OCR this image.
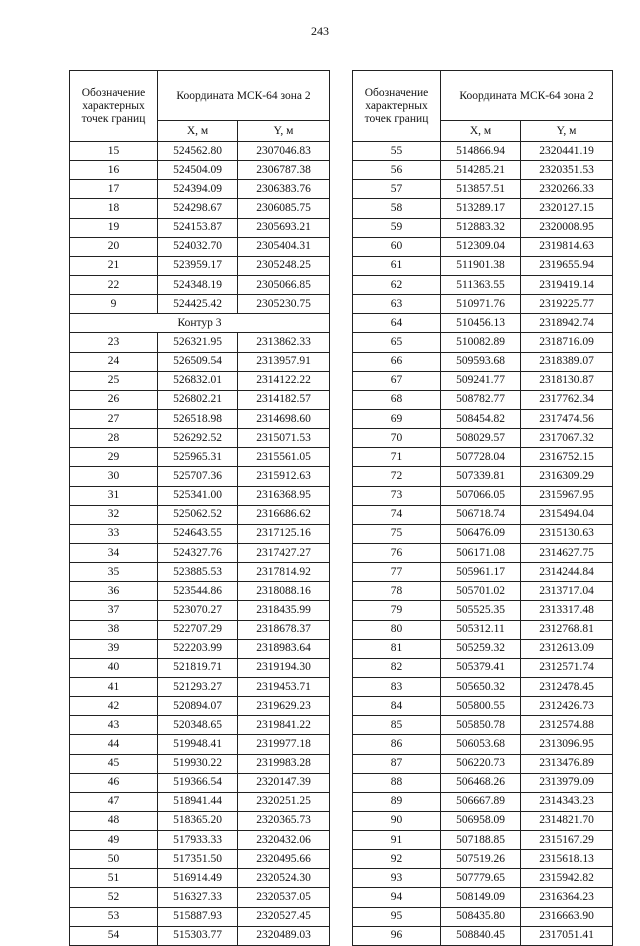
243
Обозначение характерных точек границ	Координата МСК-64 зона 2	
	Х, м	Y, м
15	524562.80	2307046.83
16	524504.09	2306787.38
17	524394.09	2306383.76
18	524298.67	2306085.75
19	524153.87	2305693.21
20	524032.70	2305404.31
21	523959.17	2305248.25
22	524348.19	2305066.85
9	524425.42	2305230.75
Контур 3		
23	526321.95	2313862.33
24	526509.54	2313957.91
25	526832.01	2314122.22
26	526802.21	2314182.57
27	526518.98	2314698.60
28	526292.52	2315071.53
29	525965.31	2315561.05
30	525707.36	2315912.63
31	525341.00	2316368.95
32	525062.52	2316686.62
33	524643.55	2317125.16
34	524327.76	2317427.27
35	523885.53	2317814.92
36	523544.86	2318088.16
37	523070.27	2318435.99
38	522707.29	2318678.37
39	522203.99	2318983.64
40	521819.71	2319194.30
41	521293.27	2319453.71
42	520894.07	2319629.23
43	520348.65	2319841.22
44	519948.41	2319977.18
45	519930.22	2319983.28
46	519366.54	2320147.39
47	518941.44	2320251.25
48	518365.20	2320365.73
49	517933.33	2320432.06
50	517351.50	2320495.66
51	516914.49	2320524.30
52	516327.33	2320537.05
53	515887.93	2320527.45
54	515303.77	2320489.03
Обозначение характерных точек границ	Координата МСК-64 зона 2	
	Х, м	Y, м
55	514866.94	2320441.19
56	514285.21	2320351.53
57	513857.51	2320266.33
58	513289.17	2320127.15
59	512883.32	2320008.95
60	512309.04	2319814.63
61	511901.38	2319655.94
62	511363.55	2319419.14
63	510971.76	2319225.77
64	510456.13	2318942.74
65	510082.89	2318716.09
66	509593.68	2318389.07
67	509241.77	2318130.87
68	508782.77	2317762.34
69	508454.82	2317474.56
70	508029.57	2317067.32
71	507728.04	2316752.15
72	507339.81	2316309.29
73	507066.05	2315967.95
74	506718.74	2315494.04
75	506476.09	2315130.63
76	506171.08	2314627.75
77	505961.17	2314244.84
78	505701.02	2313717.04
79	505525.35	2313317.48
80	505312.11	2312768.81
81	505259.32	2312613.09
82	505379.41	2312571.74
83	505650.32	2312478.45
84	505800.55	2312426.73
85	505850.78	2312574.88
86	506053.68	2313096.95
87	506220.73	2313476.89
88	506468.26	2313979.09
89	506667.89	2314343.23
90	506958.09	2314821.70
91	507188.85	2315167.29
92	507519.26	2315618.13
93	507779.65	2315942.82
94	508149.09	2316364.23
95	508435.80	2316663.90
96	508840.45	2317051.41
